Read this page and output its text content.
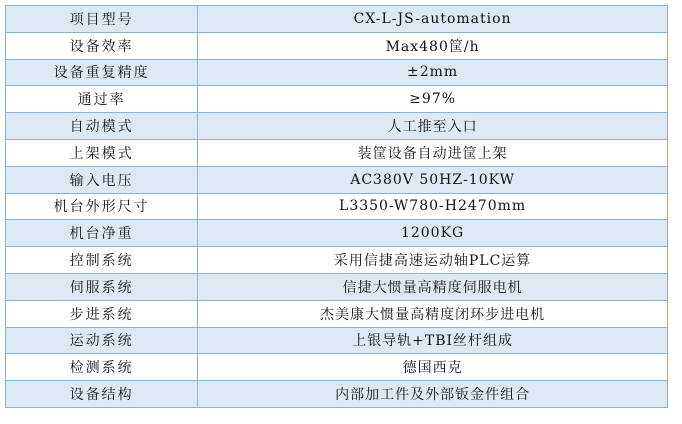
项目型号	CX-L-JS-automation
设备效率	Max480筐/h
设备重复精度	±2mm
通过率	≥97%
自动模式	人工推至入口
上架模式	装筐设备自动进筐上架
输入电压	AC380V 50HZ-10KW
机台外形尺寸	L3350-W780-H2470mm
机台净重	1200KG
控制系统	采用信捷高速运动轴PLC运算
伺服系统	信捷大惯量高精度伺服电机
步进系统	杰美康大惯量高精度闭环步进电机
运动系统	上银导轨+TBI丝杆组成
检测系统	德国西克
设备结构	内部加工件及外部钣金件组合
